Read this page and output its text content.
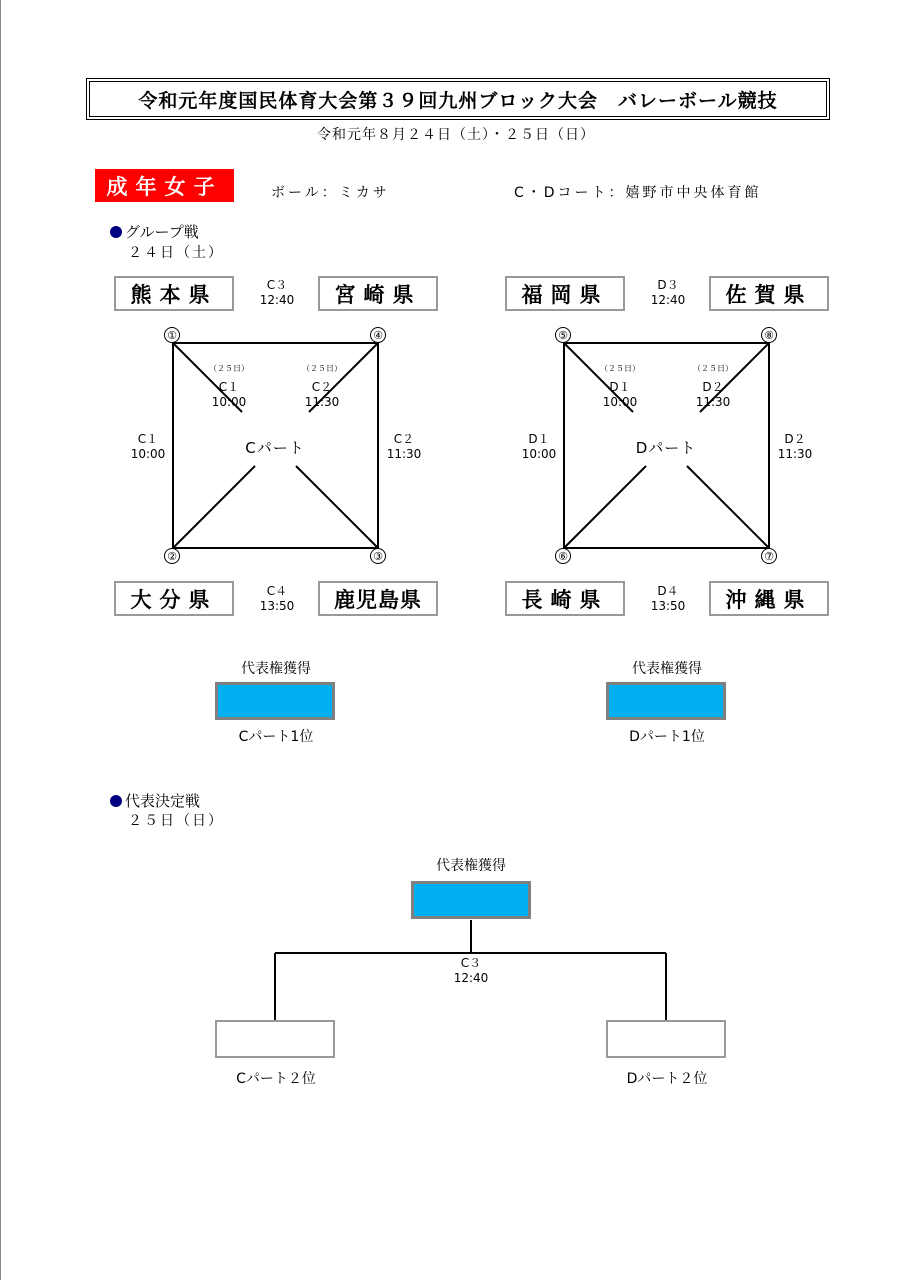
令和元年度国民体育大会第３９回九州ブロック大会　バレーボール競技
令和元年８月２４日（土）・２５日（日）
成年女子	ボール：ミカサ	C・Dコート：嬉野市中央体育館
グループ戦
２４日（土）
熊本県	宮崎県
大分県	鹿児島県
C３
12:40
C４
13:50
①	④
②	③
（２５日）
C１
10:00
（２５日）
C２
11:30
C１
10:00
C２
11:30
Cパート
福岡県	佐賀県
長崎県	沖縄県
D３
12:40
D４
13:50
⑤	⑧
⑥	⑦
（２５日）
D１
10:00
（２５日）
D２
11:30
D１
10:00
D２
11:30
Dパート
代表権獲得
Cパート1位
代表権獲得
Dパート1位
代表決定戦
２５日（日）
代表権獲得
C３
12:40
Cパート２位	Dパート２位
